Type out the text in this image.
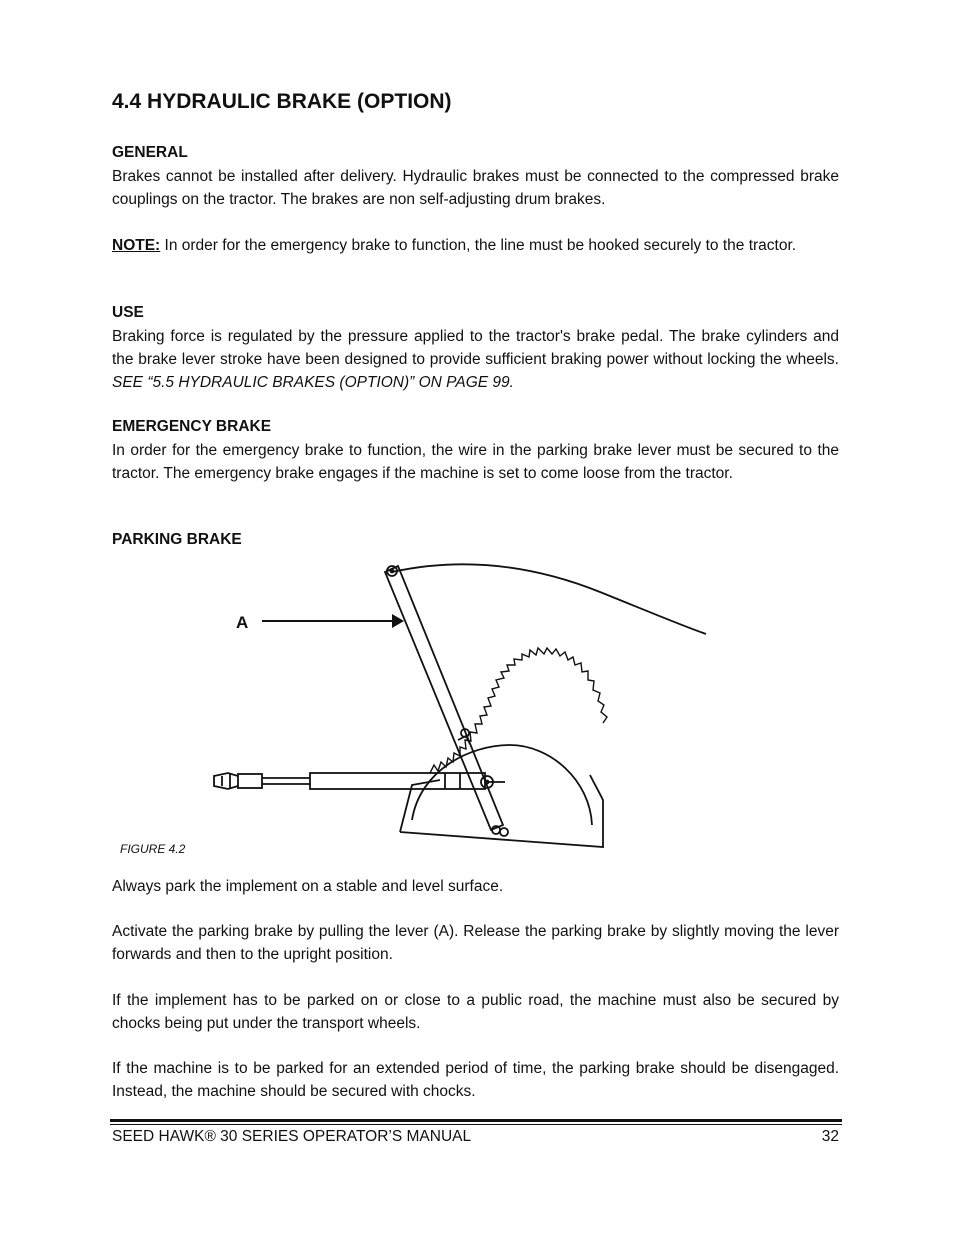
4.4 HYDRAULIC BRAKE (OPTION)
GENERAL

Brakes cannot be installed after delivery. Hydraulic brakes must be connected to the compressed brake couplings on the tractor. The brakes are non self-adjusting drum brakes.

NOTE: In order for the emergency brake to function, the line must be hooked securely to the tractor.

USE

Braking force is regulated by the pressure applied to the tractor's brake pedal. The brake cylinders and the brake lever stroke have been designed to provide sufficient braking power without locking the wheels. SEE “5.5 HYDRAULIC BRAKES (OPTION)” ON PAGE 99.

EMERGENCY BRAKE

In order for the emergency brake to function, the wire in the parking brake lever must be secured to the tractor. The emergency brake engages if the machine is set to come loose from the tractor.

PARKING BRAKE

Always park the implement on a stable and level surface.

Activate the parking brake by pulling the lever (A). Release the parking brake by slightly moving the lever forwards and then to the upright position.

If the implement has to be parked on or close to a public road, the machine must also be secured by chocks being put under the transport wheels.

If the machine is to be parked for an extended period of time, the parking brake should be disengaged. Instead, the machine should be secured with chocks.

A
FIGURE 4.2
SEED HAWK® 30 SERIES OPERATOR’S MANUAL	32
